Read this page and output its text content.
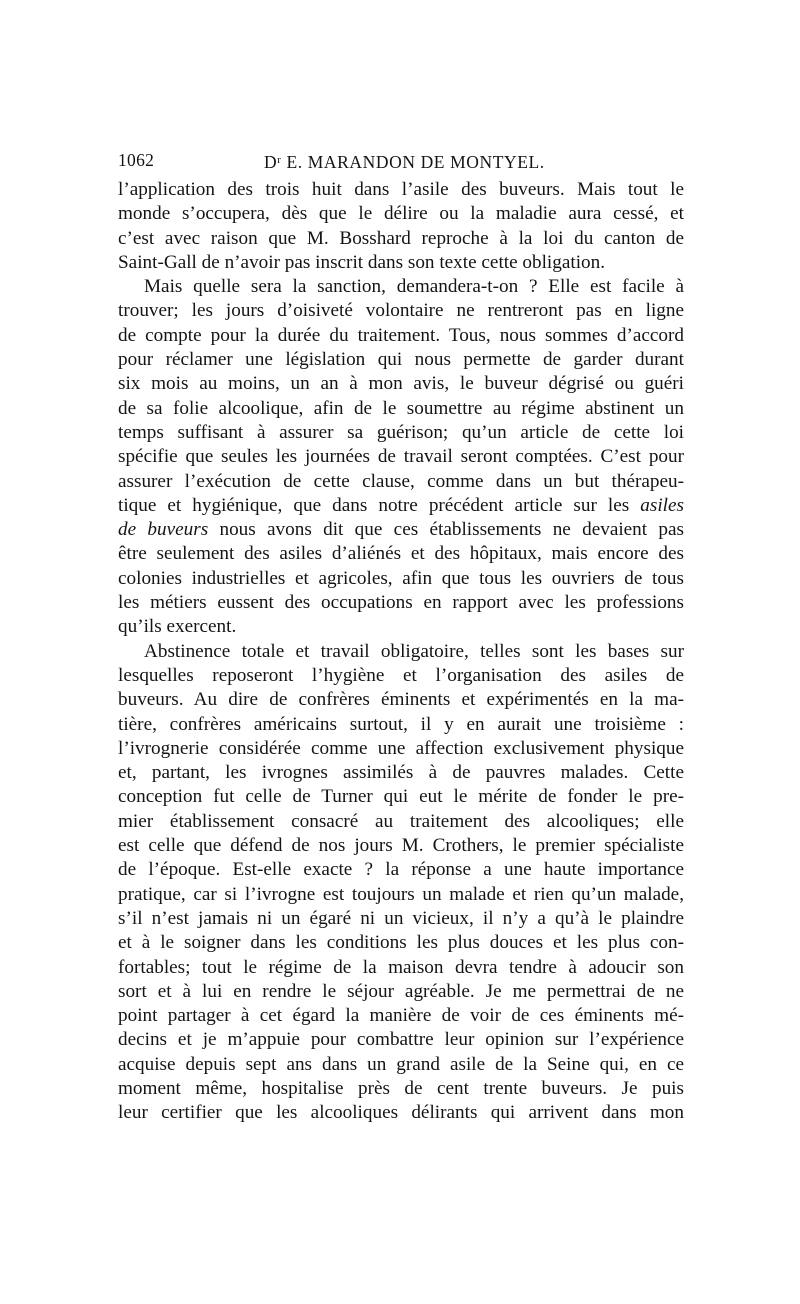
1062	$D^r$ E. MARANDON DE MONTYEL.
l’application des trois huit dans l’asile des buveurs. Mais tout le
monde s’occupera, dès que le délire ou la maladie aura cessé, et
c’est avec raison que M. Bosshard reproche à la loi du canton de
Saint-Gall de n’avoir pas inscrit dans son texte cette obligation.
Mais quelle sera la sanction, demandera-t-on ? Elle est facile à
trouver; les jours d’oisiveté volontaire ne rentreront pas en ligne
de compte pour la durée du traitement. Tous, nous sommes d’accord
pour réclamer une législation qui nous permette de garder durant
six mois au moins, un an à mon avis, le buveur dégrisé ou guéri
de sa folie alcoolique, afin de le soumettre au régime abstinent un
temps suffisant à assurer sa guérison; qu’un article de cette loi
spécifie que seules les journées de travail seront comptées. C’est pour
assurer l’exécution de cette clause, comme dans un but thérapeu-
tique et hygiénique, que dans notre précédent article sur les asiles
de buveurs nous avons dit que ces établissements ne devaient pas
être seulement des asiles d’aliénés et des hôpitaux, mais encore des
colonies industrielles et agricoles, afin que tous les ouvriers de tous
les métiers eussent des occupations en rapport avec les professions
qu’ils exercent.
Abstinence totale et travail obligatoire, telles sont les bases sur
lesquelles reposeront l’hygiène et l’organisation des asiles de
buveurs. Au dire de confrères éminents et expérimentés en la ma-
tière, confrères américains surtout, il y en aurait une troisième :
l’ivrognerie considérée comme une affection exclusivement physique
et, partant, les ivrognes assimilés à de pauvres malades. Cette
conception fut celle de Turner qui eut le mérite de fonder le pre-
mier établissement consacré au traitement des alcooliques; elle
est celle que défend de nos jours M. Crothers, le premier spécialiste
de l’époque. Est-elle exacte ? la réponse a une haute importance
pratique, car si l’ivrogne est toujours un malade et rien qu’un malade,
s’il n’est jamais ni un égaré ni un vicieux, il n’y a qu’à le plaindre
et à le soigner dans les conditions les plus douces et les plus con-
fortables; tout le régime de la maison devra tendre à adoucir son
sort et à lui en rendre le séjour agréable. Je me permettrai de ne
point partager à cet égard la manière de voir de ces éminents mé-
decins et je m’appuie pour combattre leur opinion sur l’expérience
acquise depuis sept ans dans un grand asile de la Seine qui, en ce
moment même, hospitalise près de cent trente buveurs. Je puis
leur certifier que les alcooliques délirants qui arrivent dans mon
